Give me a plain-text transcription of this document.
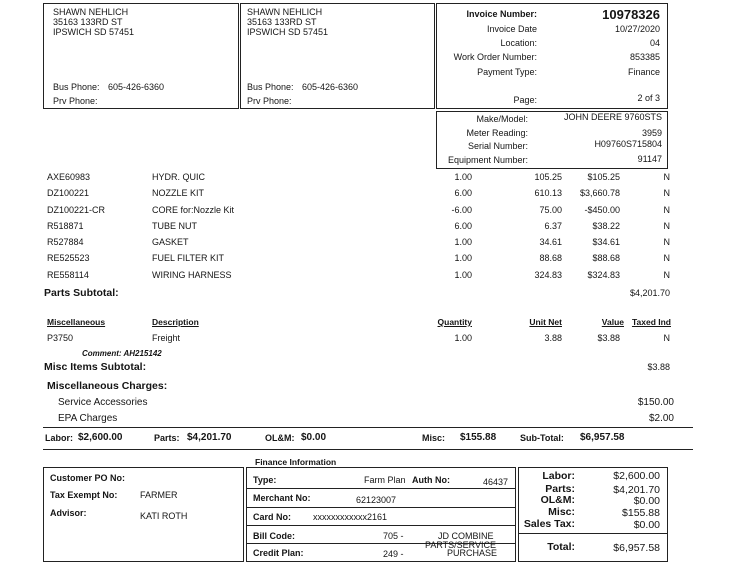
SHAWN NEHLICH
35163 133RD ST
IPSWICH SD 57451
Bus Phone: 605-426-6360
Prv Phone:
SHAWN NEHLICH
35163 133RD ST
IPSWICH SD 57451
Bus Phone: 605-426-6360
Prv Phone:
Invoice Number:	10978326
Invoice Date	10/27/2020
Location:	04
Work Order Number:	853385
Payment Type:	Finance
Page:	2 of 3
Make/Model:	JOHN DEERE 9760STS
Meter Reading:	3959
Serial Number:	H09760S715804
Equipment Number:	91147
AXE60983	HYDR. QUIC	1.00	105.25	$105.25	N
DZ100221	NOZZLE KIT	6.00	610.13 $3,660.78	N
DZ100221-CR	CORE for:Nozzle Kit	-6.00	75.00 -$450.00	N
R518871	TUBE NUT	6.00	6.37	$38.22	N
R527884	GASKET	1.00	34.61	$34.61	N
RE525523	FUEL FILTER KIT	1.00	88.68	$88.68	N
RE558114	WIRING HARNESS	1.00	324.83	$324.83	N
Parts Subtotal:	$4,201.70
Miscellaneous	Description	Quantity	Unit Net	Value Taxed Ind
P3750	Freight	1.00	3.88	$3.88	N
Comment: AH215142
Misc Items Subtotal:	$3.88
Miscellaneous Charges:
Service Accessories	$150.00
EPA Charges	$2.00
Labor: $2,600.00	Parts: $4,201.70	OL&M: $0.00	Misc: $155.88	Sub-Total: $6,957.58
Finance Information
Customer PO No:
Tax Exempt No:	FARMER
Advisor:	KATI ROTH
Type:	Farm Plan Auth No:	46437
Merchant No:	62123007
Card No: xxxxxxxxxxxx2161
Bill Code:	705 -	JD COMBINE
Credit Plan:	249 -
PARTS/SERVICE
PURCHASE
Labor:	$2,600.00
Parts:	$4,201.70
OL&M:	$0.00
Misc:	$155.88
Sales Tax:	$0.00
Total:	$6,957.58
